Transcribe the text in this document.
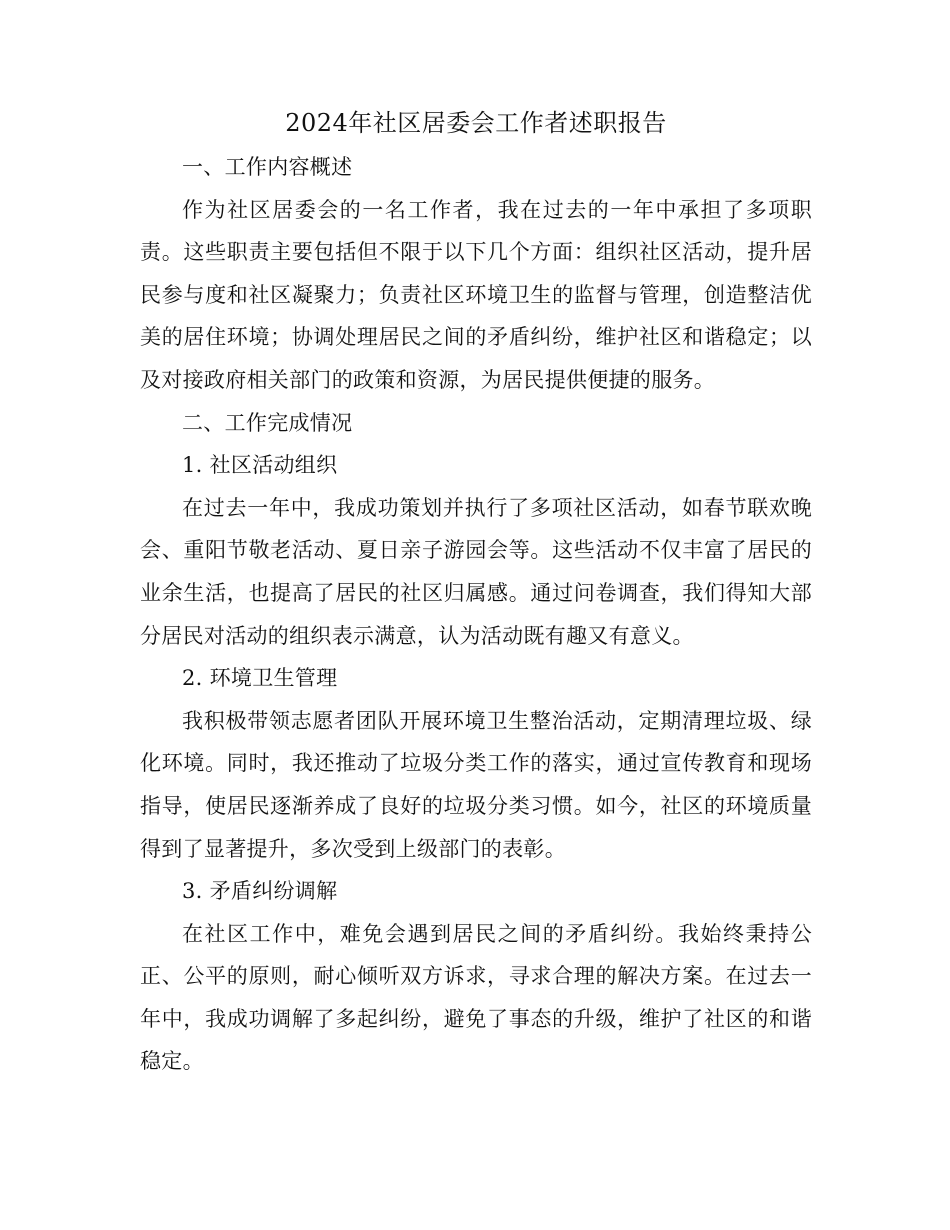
2024年社区居委会工作者述职报告

一、工作内容概述

作为社区居委会的一名工作者，我在过去的一年中承担了多项职责。这些职责主要包括但不限于以下几个方面：组织社区活动，提升居民参与度和社区凝聚力；负责社区环境卫生的监督与管理，创造整洁优美的居住环境；协调处理居民之间的矛盾纠纷，维护社区和谐稳定；以及对接政府相关部门的政策和资源，为居民提供便捷的服务。

二、工作完成情况

1. 社区活动组织

在过去一年中，我成功策划并执行了多项社区活动，如春节联欢晚会、重阳节敬老活动、夏日亲子游园会等。这些活动不仅丰富了居民的业余生活，也提高了居民的社区归属感。通过问卷调查，我们得知大部分居民对活动的组织表示满意，认为活动既有趣又有意义。

2. 环境卫生管理

我积极带领志愿者团队开展环境卫生整治活动，定期清理垃圾、绿化环境。同时，我还推动了垃圾分类工作的落实，通过宣传教育和现场指导，使居民逐渐养成了良好的垃圾分类习惯。如今，社区的环境质量得到了显著提升，多次受到上级部门的表彰。

3. 矛盾纠纷调解

在社区工作中，难免会遇到居民之间的矛盾纠纷。我始终秉持公正、公平的原则，耐心倾听双方诉求，寻求合理的解决方案。在过去一年中，我成功调解了多起纠纷，避免了事态的升级，维护了社区的和谐稳定。
